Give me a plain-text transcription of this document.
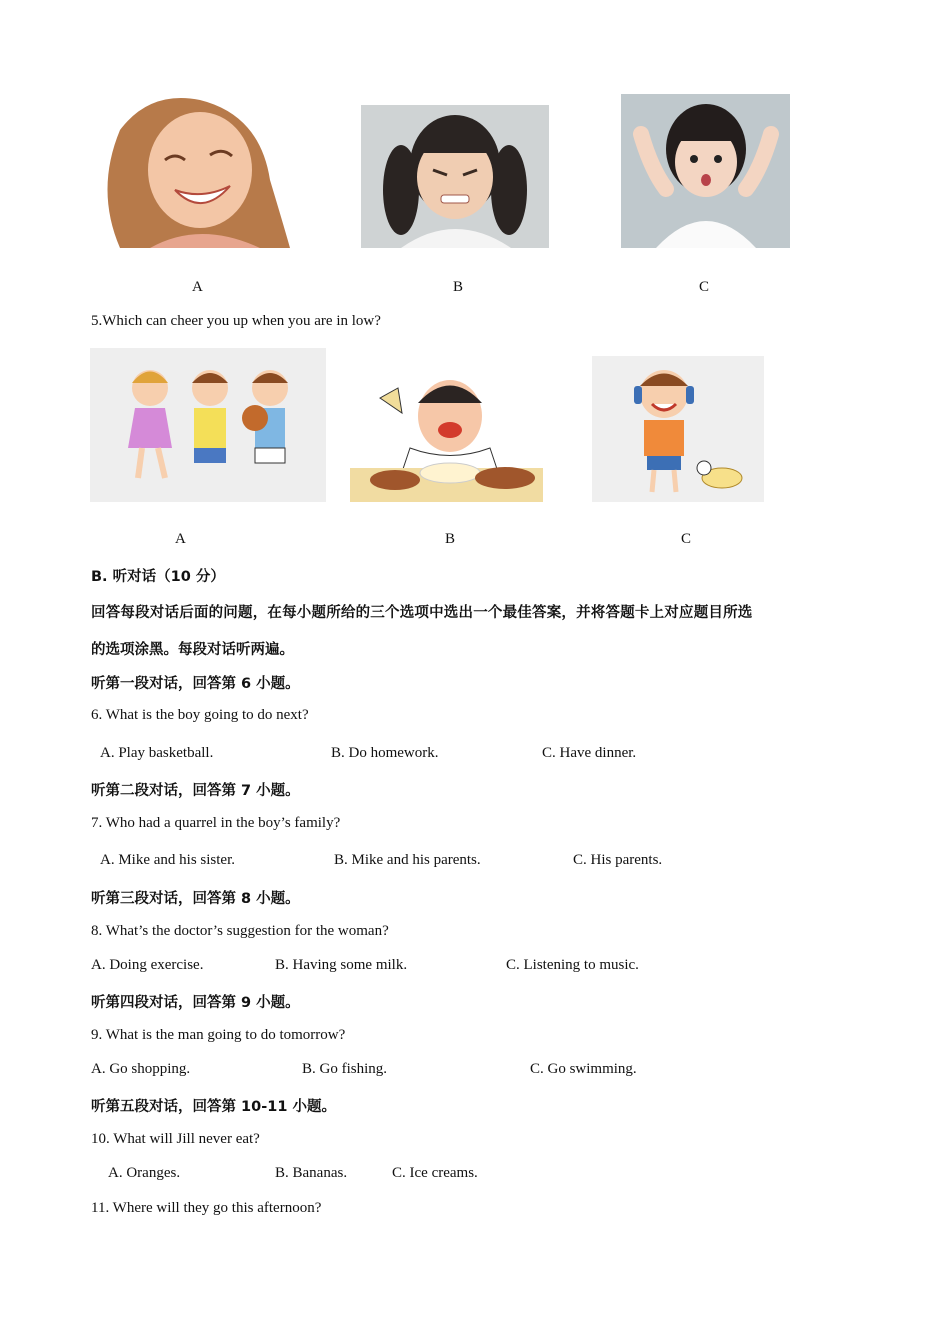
A	B	C
5.Which can cheer you up when you are in low?
A	B	C
B. 听对话（10 分）
回答每段对话后面的问题，在每小题所给的三个选项中选出一个最佳答案，并将答题卡上对应题目所选
的选项涂黑。每段对话听两遍。
听第一段对话，回答第 6 小题。
6. What is the boy going to do next?
A. Play basketball.	B. Do homework.	C. Have dinner.
听第二段对话，回答第 7 小题。
7. Who had a quarrel in the boy’s family?
A. Mike and his sister.	B. Mike and his parents.	C. His parents.
听第三段对话，回答第 8 小题。
8. What’s the doctor’s suggestion for the woman?
A. Doing exercise.	B. Having some milk.	C. Listening to music.
听第四段对话，回答第 9 小题。
9. What is the man going to do tomorrow?
A. Go shopping.	B. Go fishing.	C. Go swimming.
听第五段对话，回答第 10-11 小题。
10. What will Jill never eat?
A. Oranges.	B. Bananas.	C. Ice creams.
11. Where will they go this afternoon?
